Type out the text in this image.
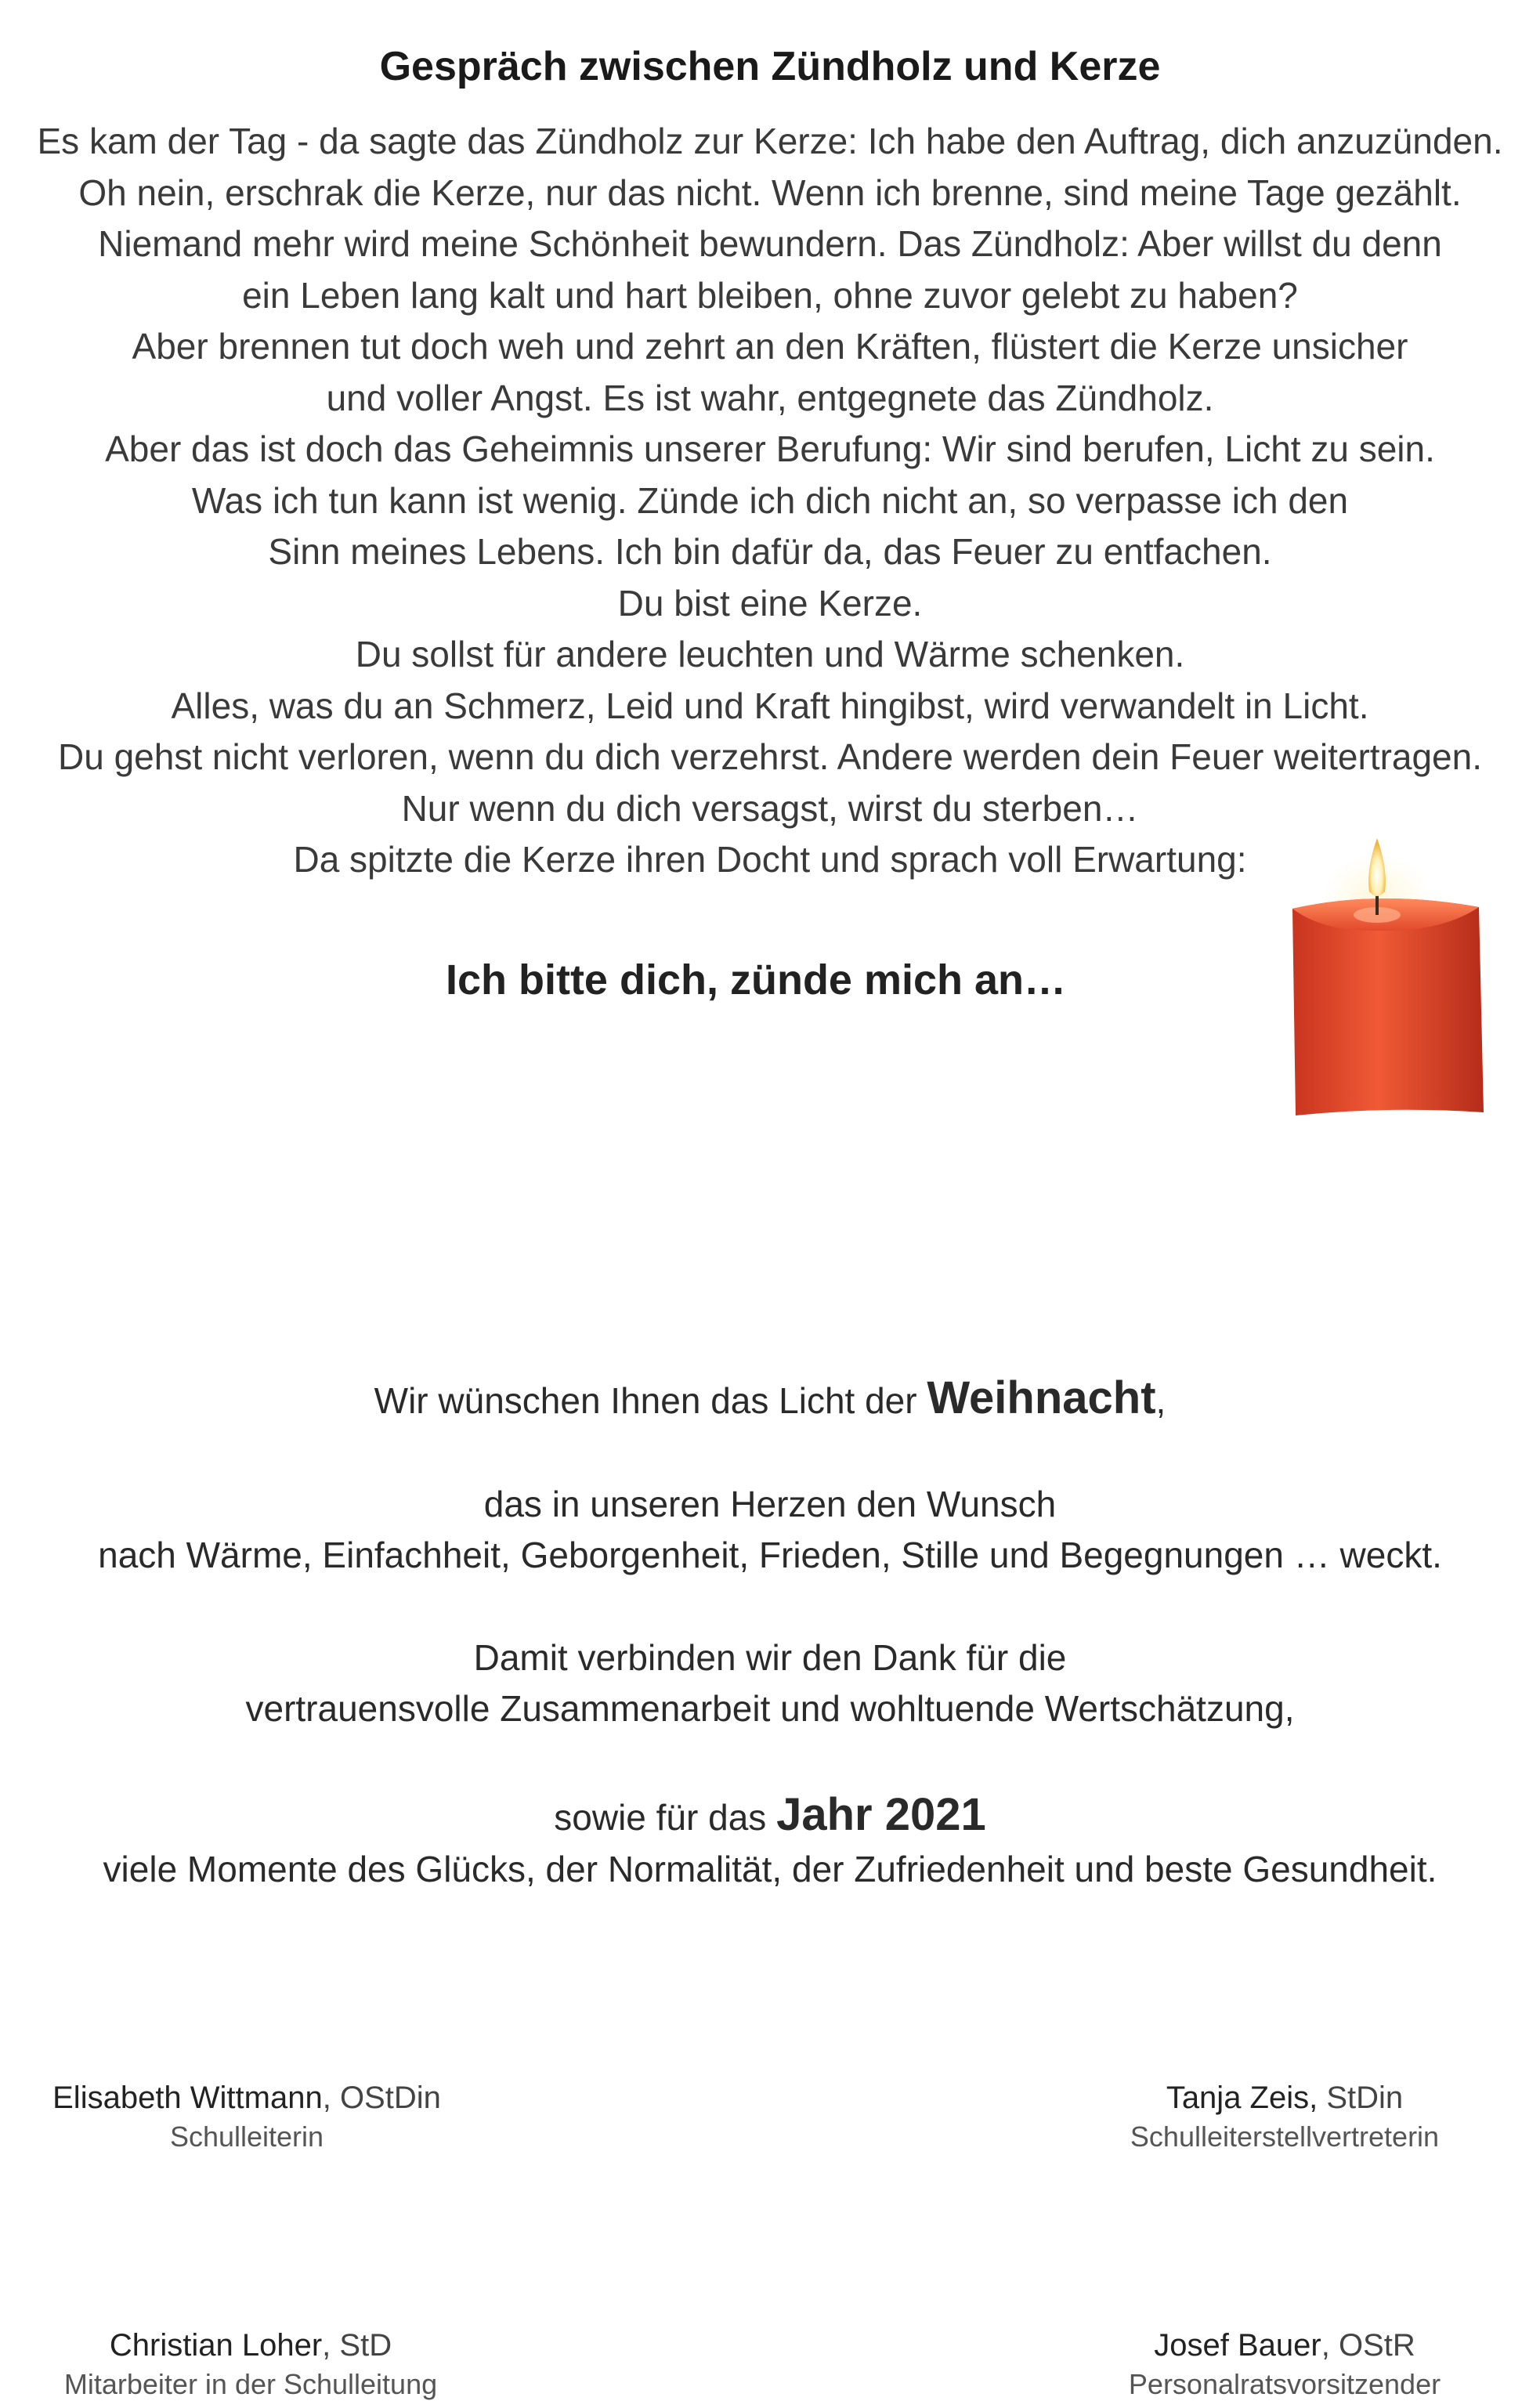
Gespräch zwischen Zündholz und Kerze
Es kam der Tag - da sagte das Zündholz zur Kerze: Ich habe den Auftrag, dich anzuzünden.
Oh nein, erschrak die Kerze, nur das nicht. Wenn ich brenne, sind meine Tage gezählt.
Niemand mehr wird meine Schönheit bewundern. Das Zündholz: Aber willst du denn
ein Leben lang kalt und hart bleiben, ohne zuvor gelebt zu haben?
Aber brennen tut doch weh und zehrt an den Kräften, flüstert die Kerze unsicher
und voller Angst. Es ist wahr, entgegnete das Zündholz.
Aber das ist doch das Geheimnis unserer Berufung: Wir sind berufen, Licht zu sein.
Was ich tun kann ist wenig. Zünde ich dich nicht an, so verpasse ich den
Sinn meines Lebens. Ich bin dafür da, das Feuer zu entfachen.
Du bist eine Kerze.
Du sollst für andere leuchten und Wärme schenken.
Alles, was du an Schmerz, Leid und Kraft hingibst, wird verwandelt in Licht.
Du gehst nicht verloren, wenn du dich verzehrst. Andere werden dein Feuer weitertragen.
Nur wenn du dich versagst, wirst du sterben…
Da spitzte die Kerze ihren Docht und sprach voll Erwartung:
Ich bitte dich, zünde mich an…
Wir wünschen Ihnen das Licht der Weihnacht,
das in unseren Herzen den Wunsch
nach Wärme, Einfachheit, Geborgenheit, Frieden, Stille und Begegnungen … weckt.
Damit verbinden wir den Dank für die
vertrauensvolle Zusammenarbeit und wohltuende Wertschätzung,
sowie für das Jahr 2021
viele Momente des Glücks, der Normalität, der Zufriedenheit und beste Gesundheit.
Elisabeth Wittmann, OStDin
Schulleiterin
Tanja Zeis, StDin
Schulleiterstellvertreterin
Christian Loher, StD
Mitarbeiter in der Schulleitung
Josef Bauer, OStR
Personalratsvorsitzender
